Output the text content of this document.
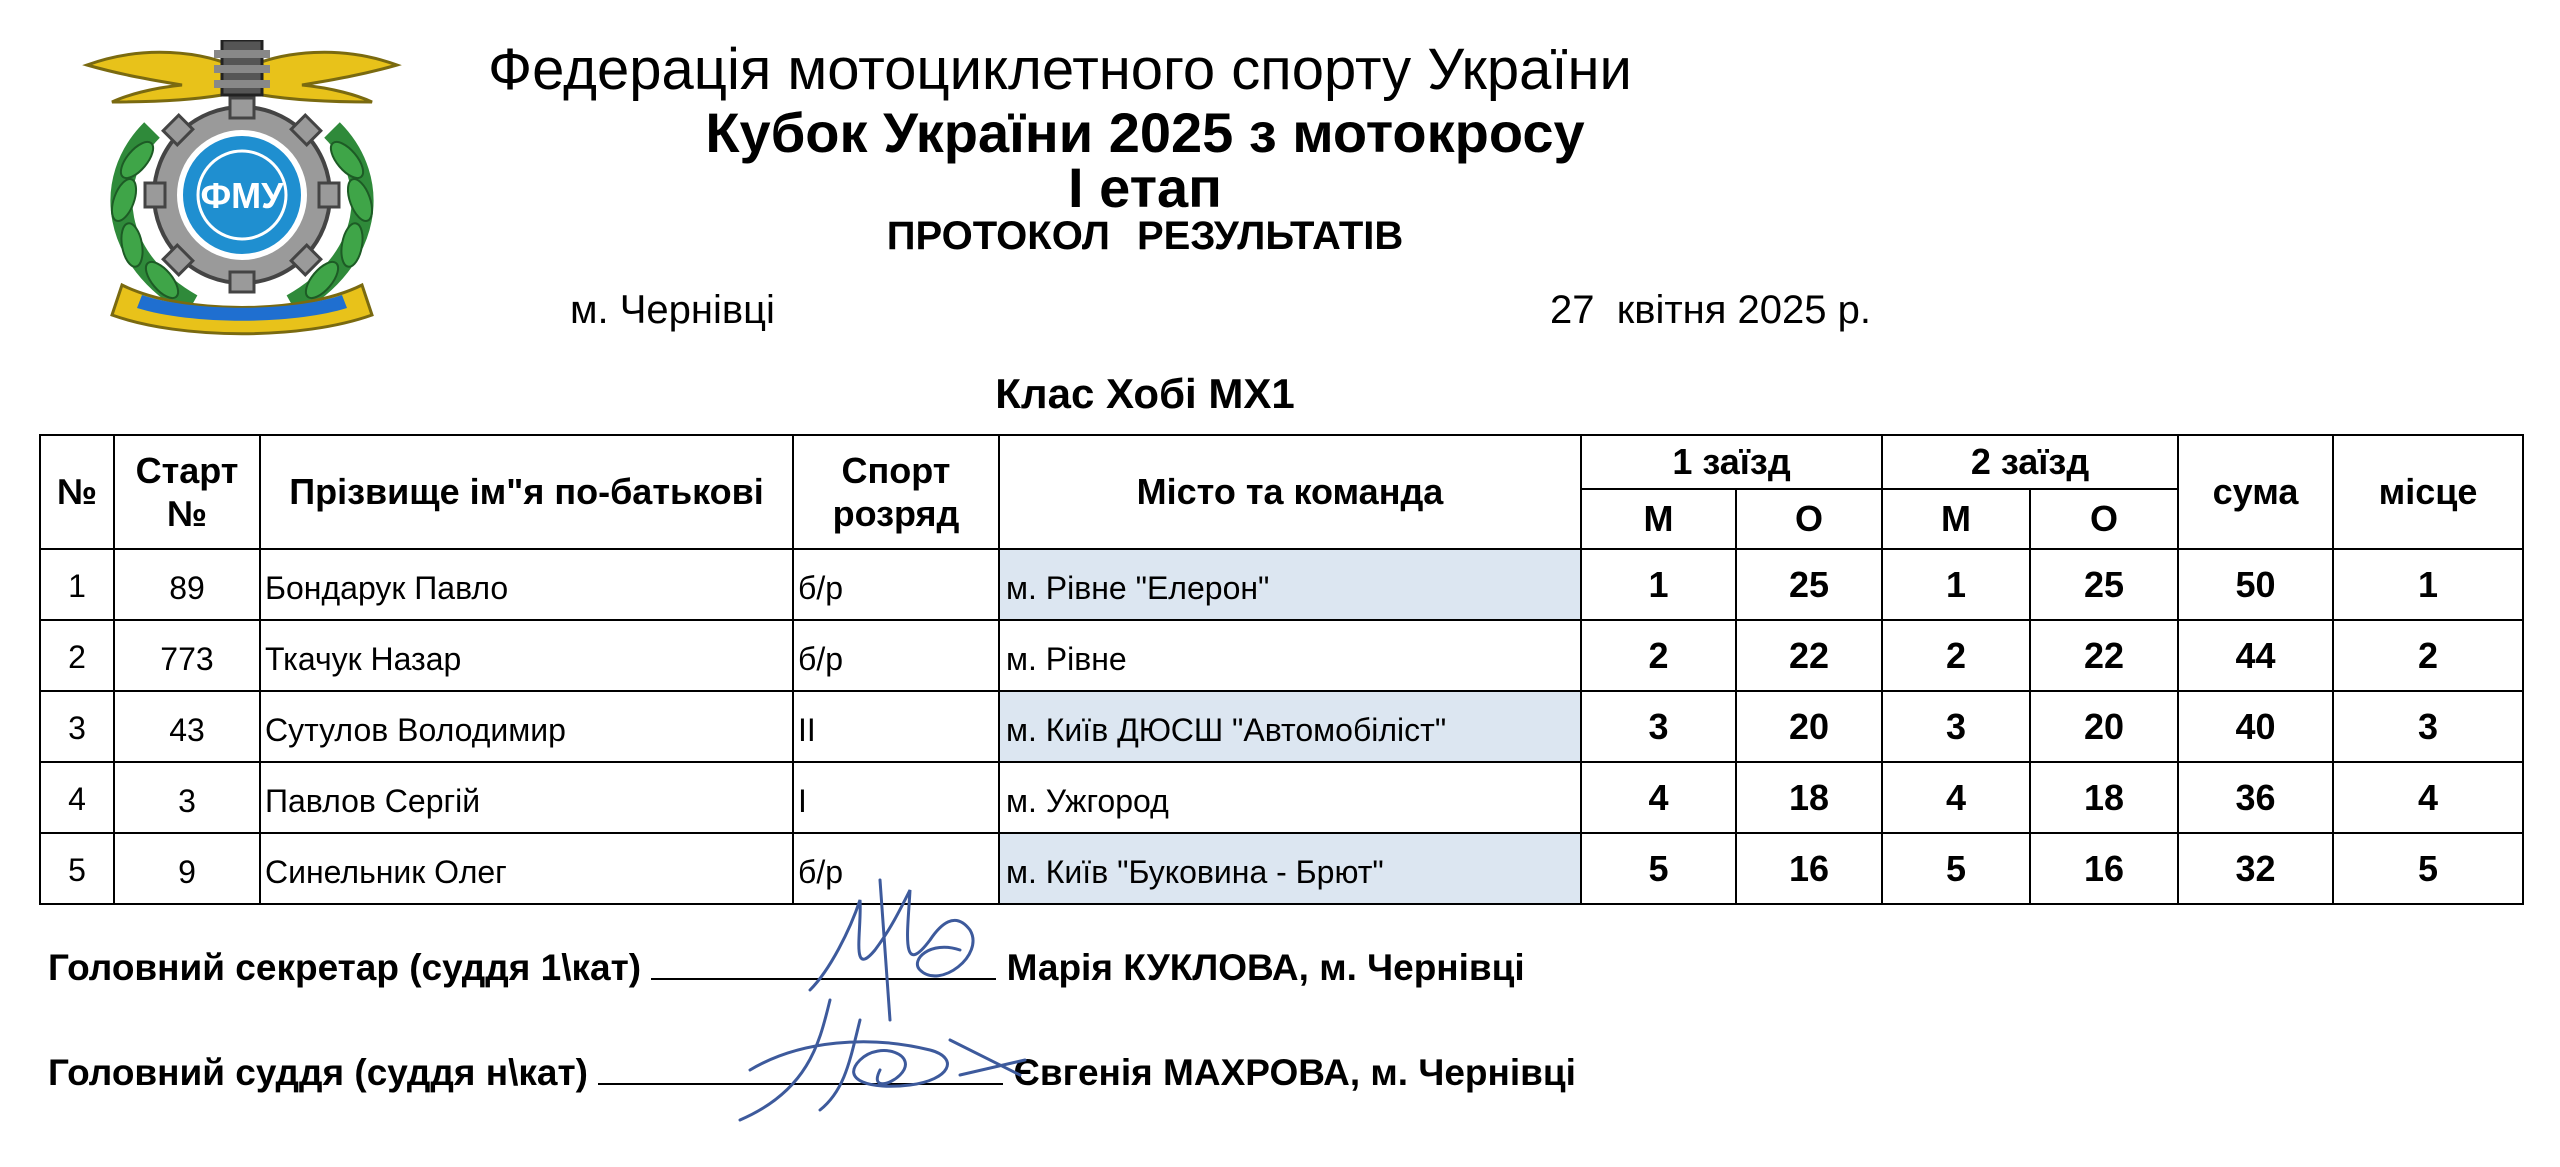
ФМУ
Федерація мотоциклетного спорту України
Кубок України 2025 з мотокросу
І етап
ПРОТОКОЛ РЕЗУЛЬТАТІВ
м. Чернівці	27  квітня 2025 р.
Клас Хобі МХ1
№	Старт №	Прізвище ім"я по-батькові	Спорт розряд	Місто та команда	1 заїзд		2 заїзд		сума	місце
					М	О	М	О		
1	89	Бондарук Павло	б/р	м. Рівне "Елерон"	1	25	1	25	50	1
2	773	Ткачук Назар	б/р	м. Рівне	2	22	2	22	44	2
3	43	Сутулов Володимир	ІІ	м. Київ ДЮСШ "Автомобіліст"	3	20	3	20	40	3
4	3	Павлов Сергій	І	м. Ужгород	4	18	4	18	36	4
5	9	Синельник Олег	б/р	м. Київ "Буковина - Брют"	5	16	5	16	32	5
Головний секретар (суддя 1\кат)	Марія КУКЛОВА, м. Чернівці
Головний суддя (суддя н\кат)	Євгенія МАХРОВА, м. Чернівці
